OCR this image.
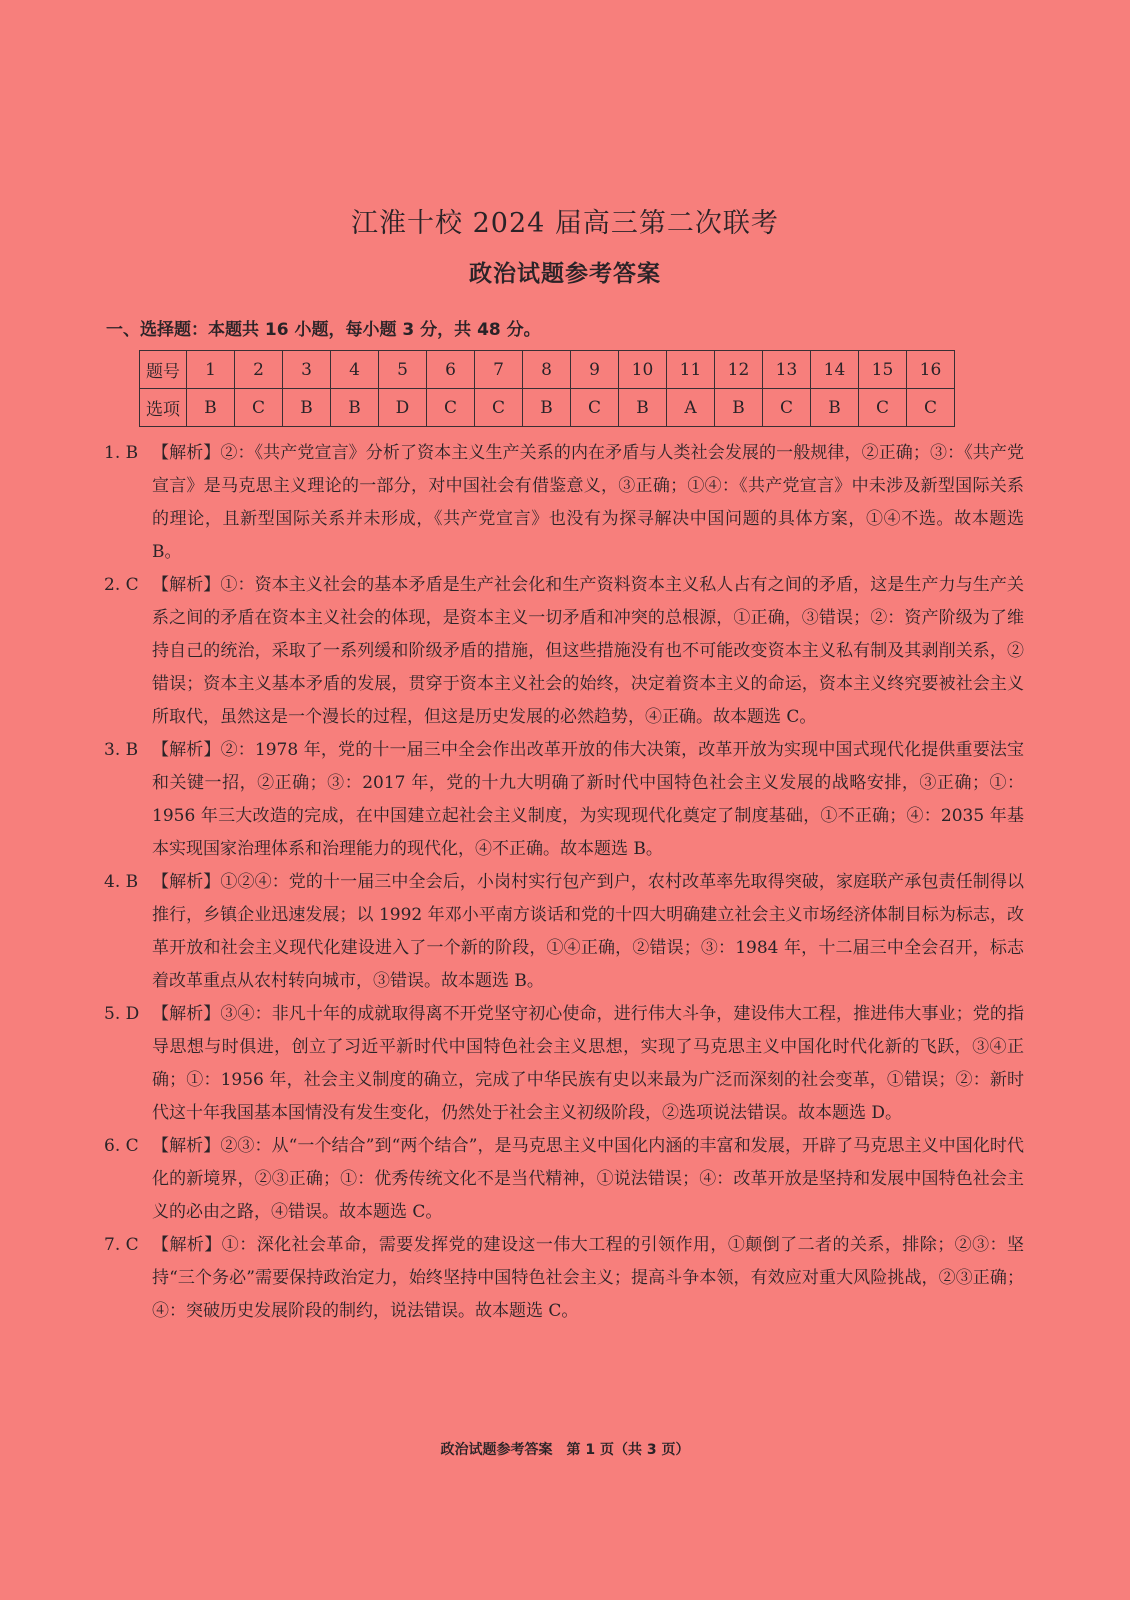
江淮十校 2024 届高三第二次联考
政治试题参考答案
一、选择题：本题共 16 小题，每小题 3 分，共 48 分。
题号	1	2	3	4	5	6	7	8	9	10	11	12	13	14	15	16
选项	B	C	B	B	D	C	C	B	C	B	A	B	C	B	C	C
1. B 【解析】②：《共产党宣言》分析了资本主义生产关系的内在矛盾与人类社会发展的一般规律，②正确；③：《共产党宣言》是马克思主义理论的一部分，对中国社会有借鉴意义，③正确；①④：《共产党宣言》中未涉及新型国际关系的理论，且新型国际关系并未形成，《共产党宣言》也没有为探寻解决中国问题的具体方案，①④不选。故本题选 B。
2. C 【解析】①：资本主义社会的基本矛盾是生产社会化和生产资料资本主义私人占有之间的矛盾，这是生产力与生产关系之间的矛盾在资本主义社会的体现，是资本主义一切矛盾和冲突的总根源，①正确，③错误；②：资产阶级为了维持自己的统治，采取了一系列缓和阶级矛盾的措施，但这些措施没有也不可能改变资本主义私有制及其剥削关系，②错误；资本主义基本矛盾的发展，贯穿于资本主义社会的始终，决定着资本主义的命运，资本主义终究要被社会主义所取代，虽然这是一个漫长的过程，但这是历史发展的必然趋势，④正确。故本题选 C。
3. B 【解析】②：1978 年，党的十一届三中全会作出改革开放的伟大决策，改革开放为实现中国式现代化提供重要法宝和关键一招，②正确；③：2017 年，党的十九大明确了新时代中国特色社会主义发展的战略安排，③正确；①：1956 年三大改造的完成，在中国建立起社会主义制度，为实现现代化奠定了制度基础，①不正确；④：2035 年基本实现国家治理体系和治理能力的现代化，④不正确。故本题选 B。
4. B 【解析】①②④：党的十一届三中全会后，小岗村实行包产到户，农村改革率先取得突破，家庭联产承包责任制得以推行，乡镇企业迅速发展；以 1992 年邓小平南方谈话和党的十四大明确建立社会主义市场经济体制目标为标志，改革开放和社会主义现代化建设进入了一个新的阶段，①④正确，②错误；③：1984 年，十二届三中全会召开，标志着改革重点从农村转向城市，③错误。故本题选 B。
5. D 【解析】③④：非凡十年的成就取得离不开党坚守初心使命，进行伟大斗争，建设伟大工程，推进伟大事业；党的指导思想与时俱进，创立了习近平新时代中国特色社会主义思想，实现了马克思主义中国化时代化新的飞跃，③④正确；①：1956 年，社会主义制度的确立，完成了中华民族有史以来最为广泛而深刻的社会变革，①错误；②：新时代这十年我国基本国情没有发生变化，仍然处于社会主义初级阶段，②选项说法错误。故本题选 D。
6. C 【解析】②③：从“一个结合”到“两个结合”，是马克思主义中国化内涵的丰富和发展，开辟了马克思主义中国化时代化的新境界，②③正确；①：优秀传统文化不是当代精神，①说法错误；④：改革开放是坚持和发展中国特色社会主义的必由之路，④错误。故本题选 C。
7. C 【解析】①：深化社会革命，需要发挥党的建设这一伟大工程的引领作用，①颠倒了二者的关系，排除；②③：坚持“三个务必”需要保持政治定力，始终坚持中国特色社会主义；提高斗争本领，有效应对重大风险挑战，②③正确；④：突破历史发展阶段的制约，说法错误。故本题选 C。
政治试题参考答案　第 1 页（共 3 页）
